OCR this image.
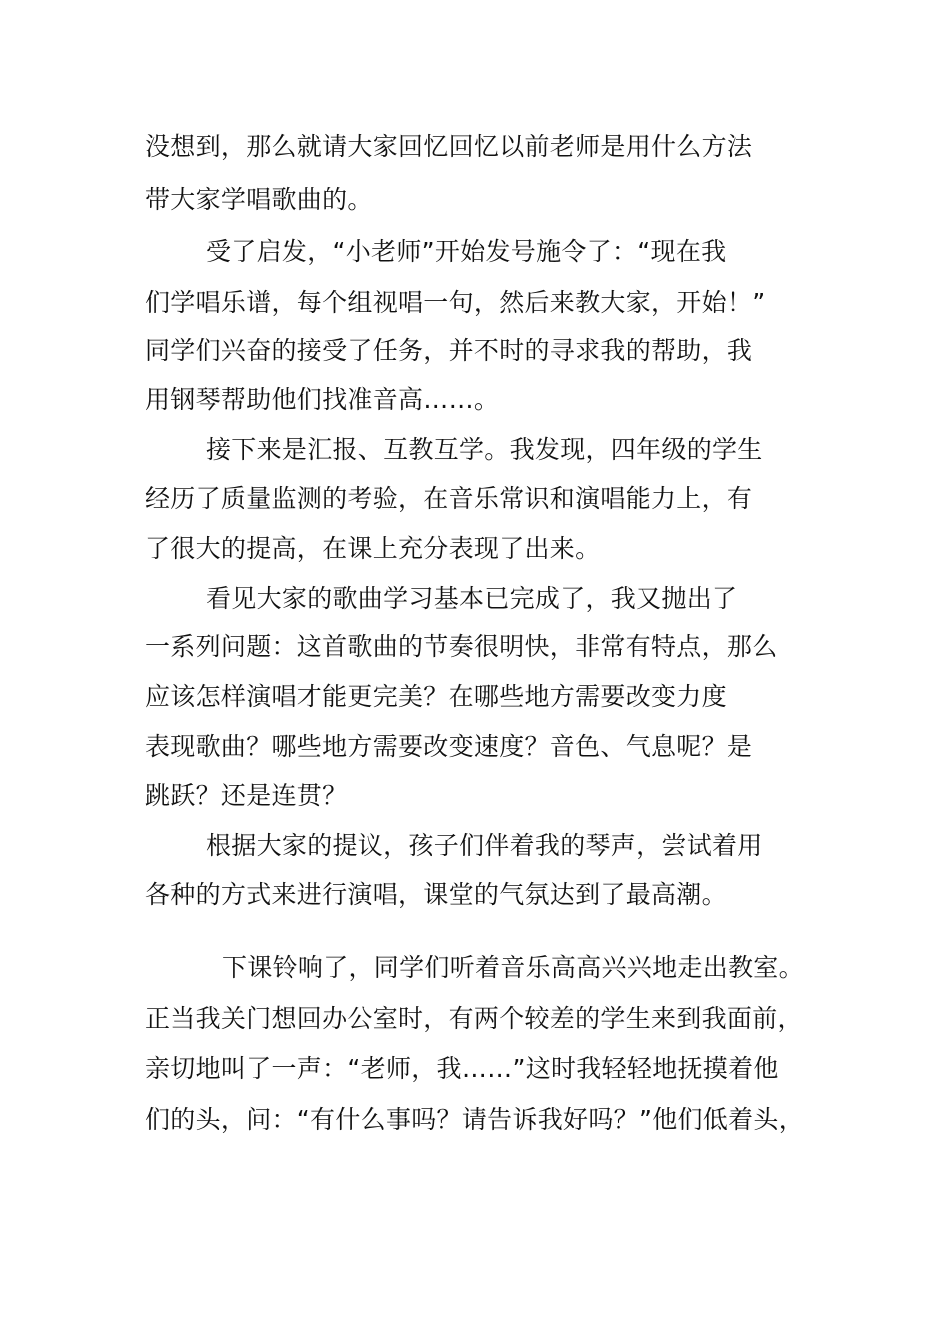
没想到，那么就请大家回忆回忆以前老师是用什么方法
带大家学唱歌曲的。
受了启发，“小老师”开始发号施令了：“现在我
们学唱乐谱，每个组视唱一句，然后来教大家，开始！”
同学们兴奋的接受了任务，并不时的寻求我的帮助，我
用钢琴帮助他们找准音高……。
接下来是汇报、互教互学。我发现，四年级的学生
经历了质量监测的考验，在音乐常识和演唱能力上，有
了很大的提高，在课上充分表现了出来。
看见大家的歌曲学习基本已完成了，我又抛出了
一系列问题：这首歌曲的节奏很明快，非常有特点，那么
应该怎样演唱才能更完美？在哪些地方需要改变力度
表现歌曲？哪些地方需要改变速度？音色、气息呢？是
跳跃？还是连贯？
根据大家的提议，孩子们伴着我的琴声，尝试着用
各种的方式来进行演唱，课堂的气氛达到了最高潮。
下课铃响了，同学们听着音乐高高兴兴地走出教室。
正当我关门想回办公室时，有两个较差的学生来到我面前，
亲切地叫了一声：“老师，我……”这时我轻轻地抚摸着他
们的头，问：“有什么事吗？请告诉我好吗？”他们低着头，
